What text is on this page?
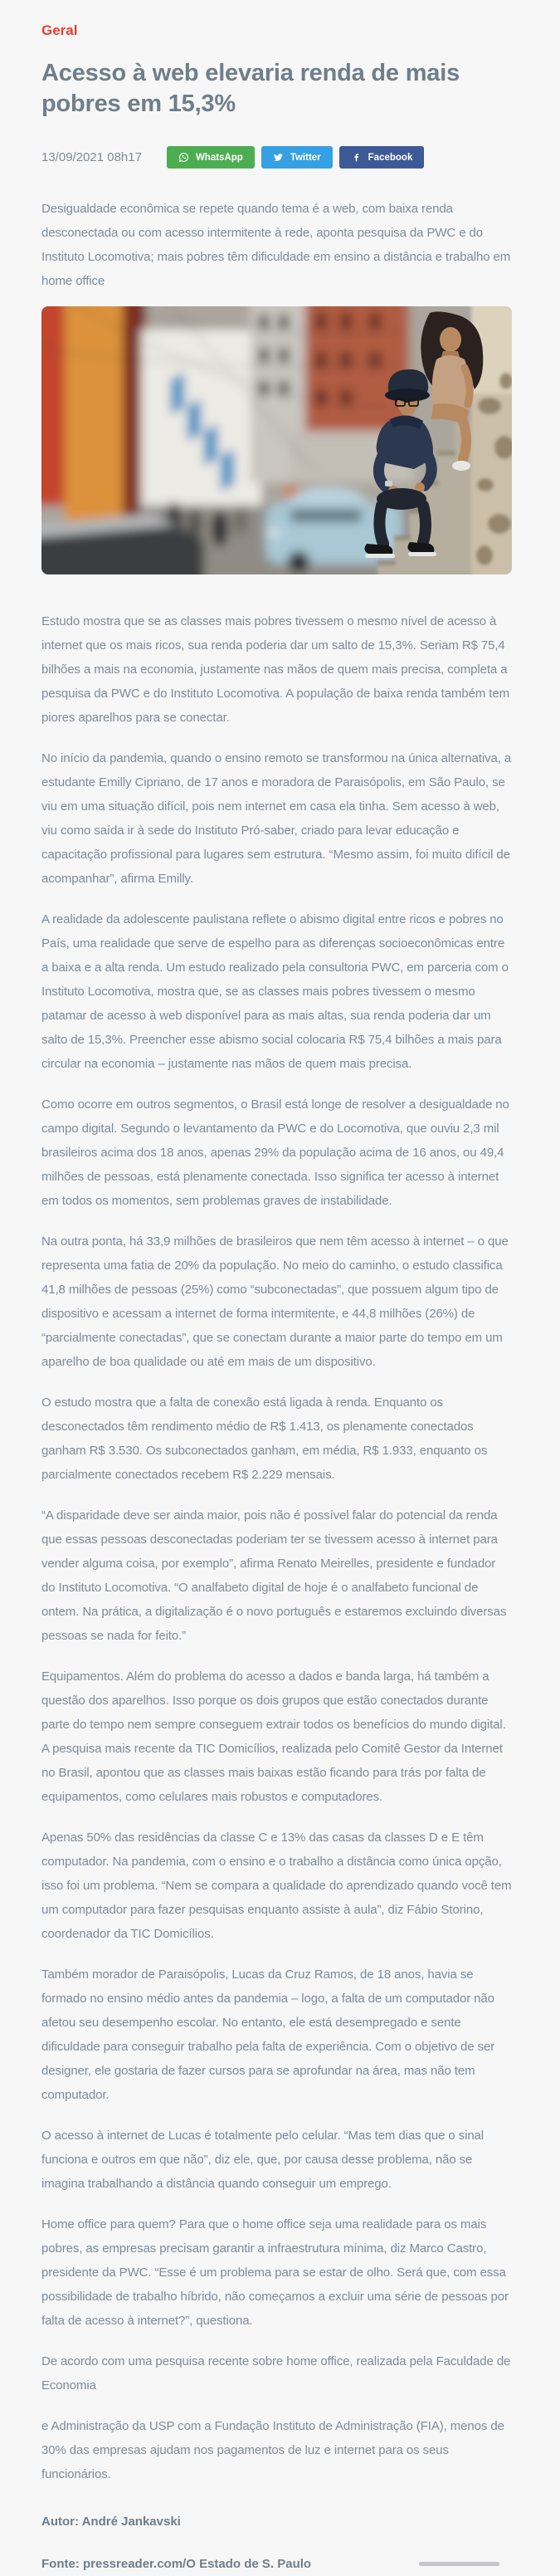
Geral
Acesso à web elevaria renda de mais pobres em 15,3%
13/09/2021 08h17	WhatsApp	Twitter	Facebook

Desigualdade econômica se repete quando tema é a web, com baixa renda desconectada ou com acesso intermitente à rede, aponta pesquisa da PWC e do Instituto Locomotiva; mais pobres têm dificuldade em ensino a distância e trabalho em home office

Estudo mostra que se as classes mais pobres tivessem o mesmo nível de acesso à internet que os mais ricos, sua renda poderia dar um salto de 15,3%. Seriam R$ 75,4 bilhões a mais na economia, justamente nas mãos de quem mais precisa, completa a pesquisa da PWC e do Instituto Locomotiva. A população de baixa renda também tem piores aparelhos para se conectar.

No início da pandemia, quando o ensino remoto se transformou na única alternativa, a estudante Emilly Cipriano, de 17 anos e moradora de Paraisópolis, em São Paulo, se viu em uma situação difícil, pois nem internet em casa ela tinha. Sem acesso à web, viu como saída ir à sede do Instituto Pró-saber, criado para levar educação e capacitação profissional para lugares sem estrutura. “Mesmo assim, foi muito difícil de acompanhar”, afirma Emilly.

A realidade da adolescente paulistana reflete o abismo digital entre ricos e pobres no País, uma realidade que serve de espelho para as diferenças socioeconômicas entre a baixa e a alta renda. Um estudo realizado pela consultoria PWC, em parceria com o Instituto Locomotiva, mostra que, se as classes mais pobres tivessem o mesmo patamar de acesso à web disponível para as mais altas, sua renda poderia dar um salto de 15,3%. Preencher esse abismo social colocaria R$ 75,4 bilhões a mais para circular na economia – justamente nas mãos de quem mais precisa.

Como ocorre em outros segmentos, o Brasil está longe de resolver a desigualdade no campo digital. Segundo o levantamento da PWC e do Locomotiva, que ouviu 2,3 mil brasileiros acima dos 18 anos, apenas 29% da população acima de 16 anos, ou 49,4 milhões de pessoas, está plenamente conectada. Isso significa ter acesso à internet em todos os momentos, sem problemas graves de instabilidade.

Na outra ponta, há 33,9 milhões de brasileiros que nem têm acesso à internet – o que representa uma fatia de 20% da população. No meio do caminho, o estudo classifica 41,8 milhões de pessoas (25%) como “subconectadas”, que possuem algum tipo de dispositivo e acessam a internet de forma intermitente, e 44,8 milhões (26%) de “parcialmente conectadas”, que se conectam durante a maior parte do tempo em um aparelho de boa qualidade ou até em mais de um dispositivo.

O estudo mostra que a falta de conexão está ligada à renda. Enquanto os desconectados têm rendimento médio de R$ 1.413, os plenamente conectados ganham R$ 3.530. Os subconectados ganham, em média, R$ 1.933, enquanto os parcialmente conectados recebem R$ 2.229 mensais.

“A disparidade deve ser ainda maior, pois não é possível falar do potencial da renda que essas pessoas desconectadas poderiam ter se tivessem acesso à internet para vender alguma coisa, por exemplo”, afirma Renato Meirelles, presidente e fundador do Instituto Locomotiva. “O analfabeto digital de hoje é o analfabeto funcional de ontem. Na prática, a digitalização é o novo português e estaremos excluindo diversas pessoas se nada for feito.”

Equipamentos. Além do problema do acesso a dados e banda larga, há também a questão dos aparelhos. Isso porque os dois grupos que estão conectados durante parte do tempo nem sempre conseguem extrair todos os benefícios do mundo digital. A pesquisa mais recente da TIC Domicílios, realizada pelo Comitê Gestor da Internet no Brasil, apontou que as classes mais baixas estão ficando para trás por falta de equipamentos, como celulares mais robustos e computadores.

Apenas 50% das residências da classe C e 13% das casas da classes D e E têm computador. Na pandemia, com o ensino e o trabalho a distância como única opção, isso foi um problema. “Nem se compara a qualidade do aprendizado quando você tem um computador para fazer pesquisas enquanto assiste à aula”, diz Fábio Storino, coordenador da TIC Domicílios.

Também morador de Paraisópolis, Lucas da Cruz Ramos, de 18 anos, havia se formado no ensino médio antes da pandemia – logo, a falta de um computador não afetou seu desempenho escolar. No entanto, ele está desempregado e sente dificuldade para conseguir trabalho pela falta de experiência. Com o objetivo de ser designer, ele gostaria de fazer cursos para se aprofundar na área, mas não tem computador.

O acesso à internet de Lucas é totalmente pelo celular. “Mas tem dias que o sinal funciona e outros em que não”, diz ele, que, por causa desse problema, não se imagina trabalhando a distância quando conseguir um emprego.

Home office para quem? Para que o home office seja uma realidade para os mais pobres, as empresas precisam garantir a infraestrutura mínima, diz Marco Castro, presidente da PWC. “Esse é um problema para se estar de olho. Será que, com essa possibilidade de trabalho híbrido, não começamos a excluir uma série de pessoas por falta de acesso à internet?”, questiona.

De acordo com uma pesquisa recente sobre home office, realizada pela Faculdade de Economia

e Administração da USP com a Fundação Instituto de Administração (FIA), menos de 30% das empresas ajudam nos pagamentos de luz e internet para os seus funcionários.

Autor: André Jankavski

Fonte: pressreader.com/O Estado de S. Paulo
